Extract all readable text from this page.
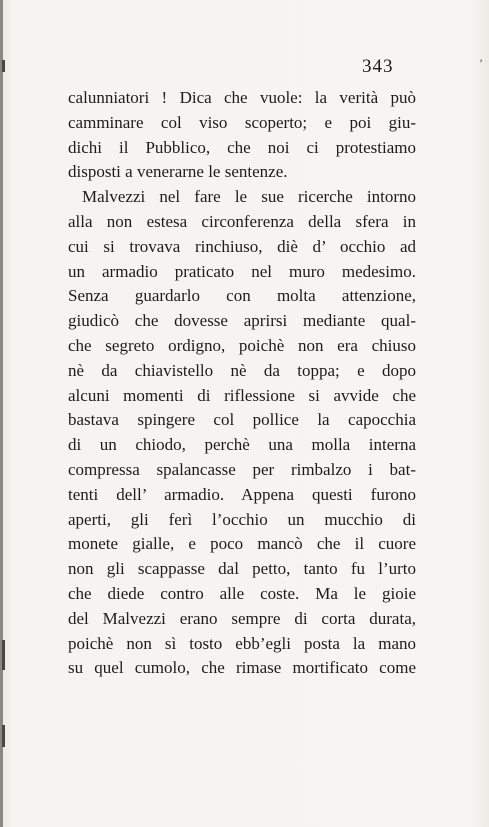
343	’
calunniatori ! Dica che vuole: la verità può
camminare col viso scoperto; e poi giu-
dichi il Pubblico, che noi ci protestiamo
disposti a venerarne le sentenze.
Malvezzi nel fare le sue ricerche intorno
alla non estesa circonferenza della sfera in
cui si trovava rinchiuso, diè d’ occhio ad
un armadio praticato nel muro medesimo.
Senza guardarlo con molta attenzione,
giudicò che dovesse aprirsi mediante qual-
che segreto ordigno, poichè non era chiuso
nè da chiavistello nè da toppa; e dopo
alcuni momenti di riflessione si avvide che
bastava spingere col pollice la capocchia
di un chiodo, perchè una molla interna
compressa spalancasse per rimbalzo i bat-
tenti dell’ armadio. Appena questi furono
aperti, gli ferì l’occhio un mucchio di
monete gialle, e poco mancò che il cuore
non gli scappasse dal petto, tanto fu l’urto
che diede contro alle coste. Ma le gioie
del Malvezzi erano sempre di corta durata,
poichè non sì tosto ebb’egli posta la mano
su quel cumolo, che rimase mortificato come
